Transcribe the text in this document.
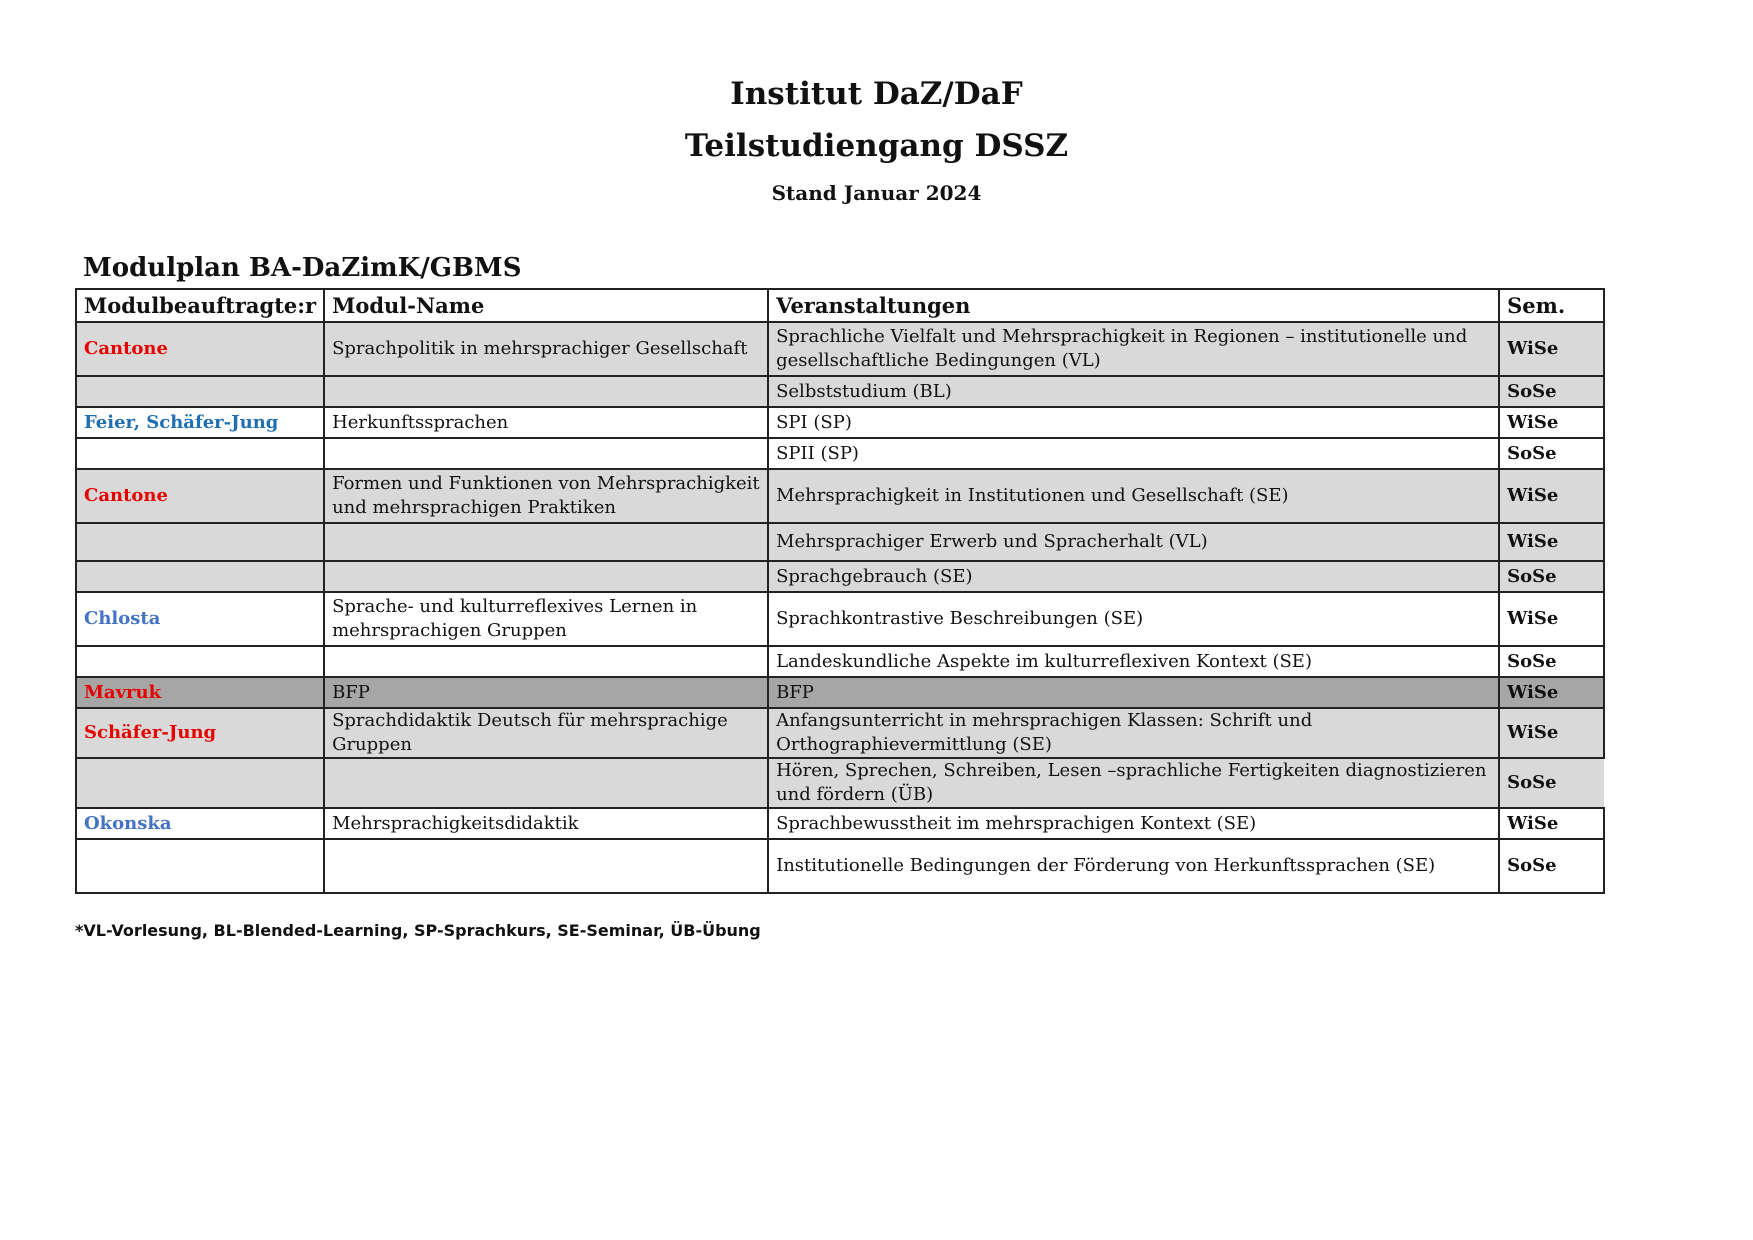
Institut DaZ/DaF
Teilstudiengang DSSZ

Stand Januar 2024

Modulplan BA-DaZimK/GBMS
Modulbeauftragte:r	Modul-Name	Veranstaltungen	Sem.
Cantone	Sprachpolitik in mehrsprachiger Gesellschaft	Sprachliche Vielfalt und Mehrsprachigkeit in Regionen – institutionelle und gesellschaftliche Bedingungen (VL)	WiSe
		Selbststudium (BL)	SoSe
Feier, Schäfer-Jung	Herkunftssprachen	SPI (SP)	WiSe
		SPII (SP)	SoSe
Cantone	Formen und Funktionen von Mehrsprachigkeit und mehrsprachigen Praktiken	Mehrsprachigkeit in Institutionen und Gesellschaft (SE)	WiSe
		Mehrsprachiger Erwerb und Spracherhalt (VL)	WiSe
		Sprachgebrauch (SE)	SoSe
Chlosta	Sprache- und kulturreflexives Lernen in mehrsprachigen Gruppen	Sprachkontrastive Beschreibungen (SE)	WiSe
		Landeskundliche Aspekte im kulturreflexiven Kontext (SE)	SoSe
Mavruk	BFP	BFP	WiSe
Schäfer-Jung	Sprachdidaktik Deutsch für mehrsprachige Gruppen	Anfangsunterricht in mehrsprachigen Klassen: Schrift und Orthographievermittlung (SE)	WiSe
		Hören, Sprechen, Schreiben, Lesen –sprachliche Fertigkeiten diagnostizieren und fördern (ÜB)	SoSe
Okonska	Mehrsprachigkeitsdidaktik	Sprachbewusstheit im mehrsprachigen Kontext (SE)	WiSe
		Institutionelle Bedingungen der Förderung von Herkunftssprachen (SE)	SoSe

*VL-Vorlesung, BL-Blended-Learning, SP-Sprachkurs, SE-Seminar, ÜB-Übung
